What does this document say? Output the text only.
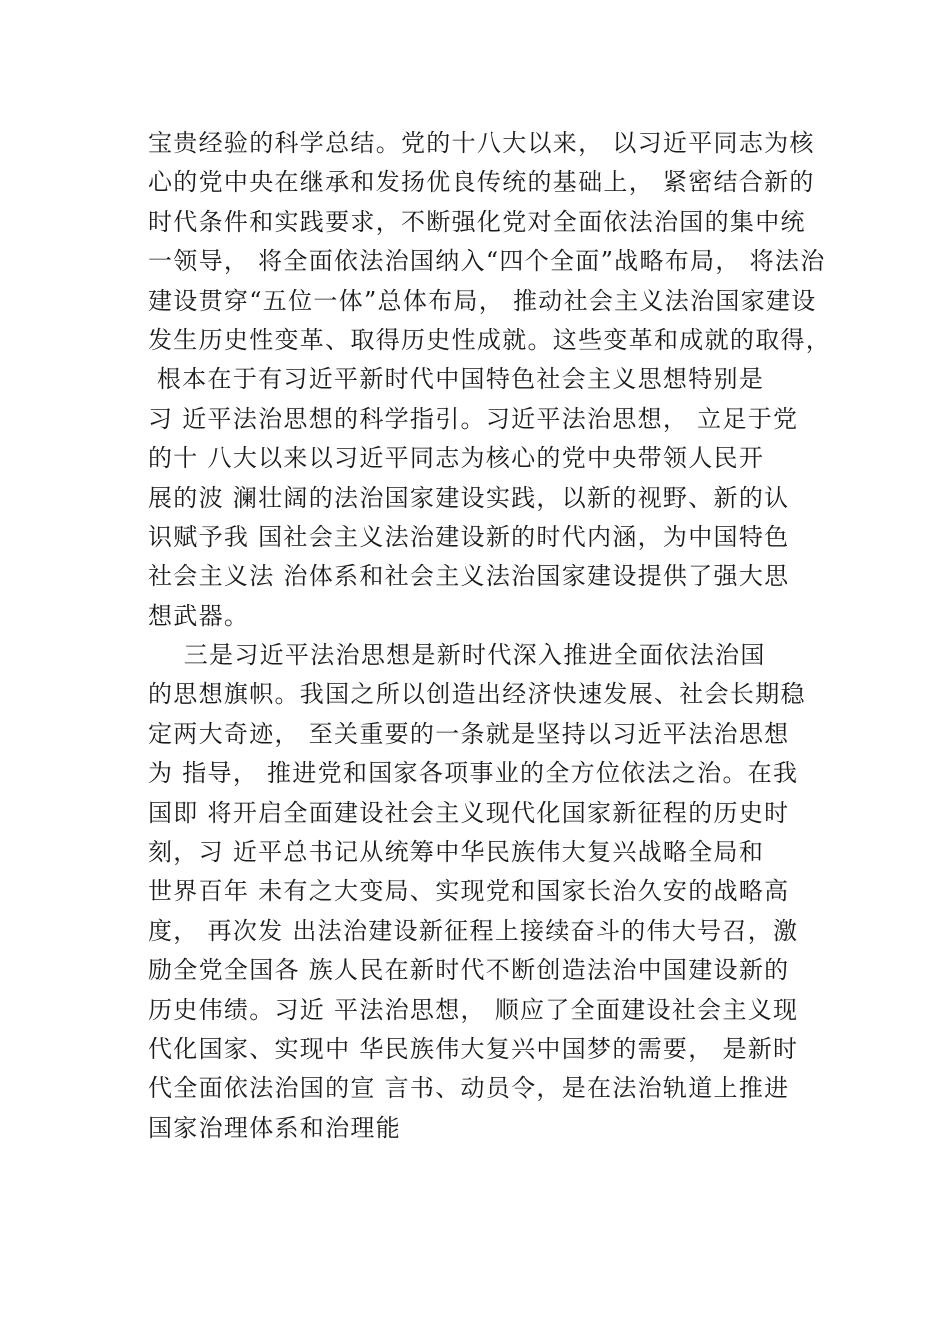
宝贵经验的科学总结。党的十八大以来， 以习近平同志为核
心的党中央在继承和发扬优良传统的基础上， 紧密结合新的
时代条件和实践要求，不断强化党对全面依法治国的集中统
一领导， 将全面依法治国纳入“四个全面”战略布局， 将法治
建设贯穿“五位一体”总体布局， 推动社会主义法治国家建设
发生历史性变革、取得历史性成就。这些变革和成就的取得，
根本在于有习近平新时代中国特色社会主义思想特别是
习 近平法治思想的科学指引。习近平法治思想， 立足于党
的十 八大以来以习近平同志为核心的党中央带领人民开
展的波 澜壮阔的法治国家建设实践，以新的视野、新的认
识赋予我 国社会主义法治建设新的时代内涵，为中国特色
社会主义法 治体系和社会主义法治国家建设提供了强大思
想武器。
三是习近平法治思想是新时代深入推进全面依法治国
的思想旗帜。我国之所以创造出经济快速发展、社会长期稳
定两大奇迹， 至关重要的一条就是坚持以习近平法治思想
为 指导， 推进党和国家各项事业的全方位依法之治。在我
国即 将开启全面建设社会主义现代化国家新征程的历史时
刻，习 近平总书记从统筹中华民族伟大复兴战略全局和
世界百年 未有之大变局、实现党和国家长治久安的战略高
度， 再次发 出法治建设新征程上接续奋斗的伟大号召，激
励全党全国各 族人民在新时代不断创造法治中国建设新的
历史伟绩。习近 平法治思想， 顺应了全面建设社会主义现
代化国家、实现中 华民族伟大复兴中国梦的需要， 是新时
代全面依法治国的宣 言书、动员令，是在法治轨道上推进
国家治理体系和治理能
